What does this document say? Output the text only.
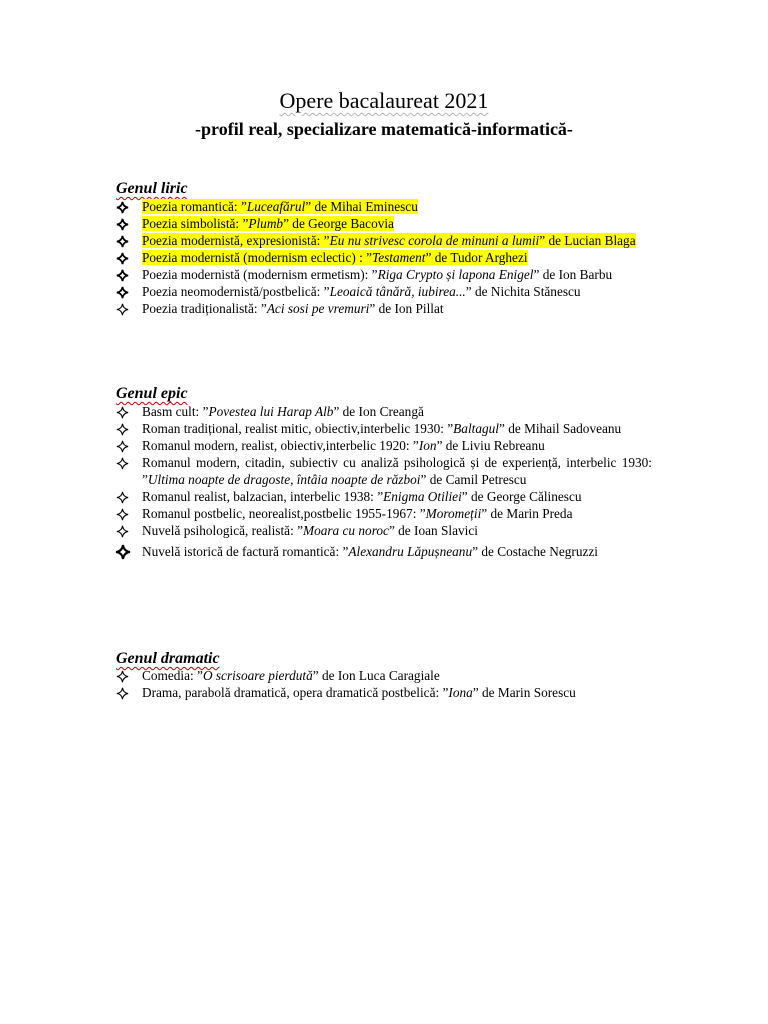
Opere bacalaureat 2021
-profil real, specializare matematică-informatică-
Genul liric
Poezia romantică: ”Luceafărul” de Mihai Eminescu
Poezia simbolistă: ”Plumb” de George Bacovia
Poezia modernistă, expresionistă: ”Eu nu strivesc corola de minuni a lumii” de Lucian Blaga
Poezia modernistă (modernism eclectic) : ”Testament” de Tudor Arghezi
Poezia modernistă (modernism ermetism): ”Riga Crypto și lapona Enigel” de Ion Barbu
Poezia neomodernistă/postbelică: ”Leoaică tânără, iubirea...” de Nichita Stănescu
Poezia tradiționalistă: ”Aci sosi pe vremuri” de Ion Pillat
Genul epic
Basm cult: ”Povestea lui Harap Alb” de Ion Creangă
Roman tradițional, realist mitic, obiectiv,interbelic 1930: ”Baltagul” de Mihail Sadoveanu
Romanul modern, realist, obiectiv,interbelic 1920: ”Ion” de Liviu Rebreanu
Romanul modern, citadin, subiectiv cu analiză psihologică și de experiență, interbelic 1930: ”Ultima noapte de dragoste, întâia noapte de război” de Camil Petrescu
Romanul realist, balzacian, interbelic 1938: ”Enigma Otiliei” de George Călinescu
Romanul postbelic, neorealist,postbelic 1955-1967: ”Moromeții” de Marin Preda
Nuvelă psihologică, realistă: ”Moara cu noroc” de Ioan Slavici
Nuvelă istorică de factură romantică: ”Alexandru Lăpușneanu” de Costache Negruzzi
Genul dramatic
Comedia: ”O scrisoare pierdută” de Ion Luca Caragiale
Drama, parabolă dramatică, opera dramatică postbelică: ”Iona” de Marin Sorescu
